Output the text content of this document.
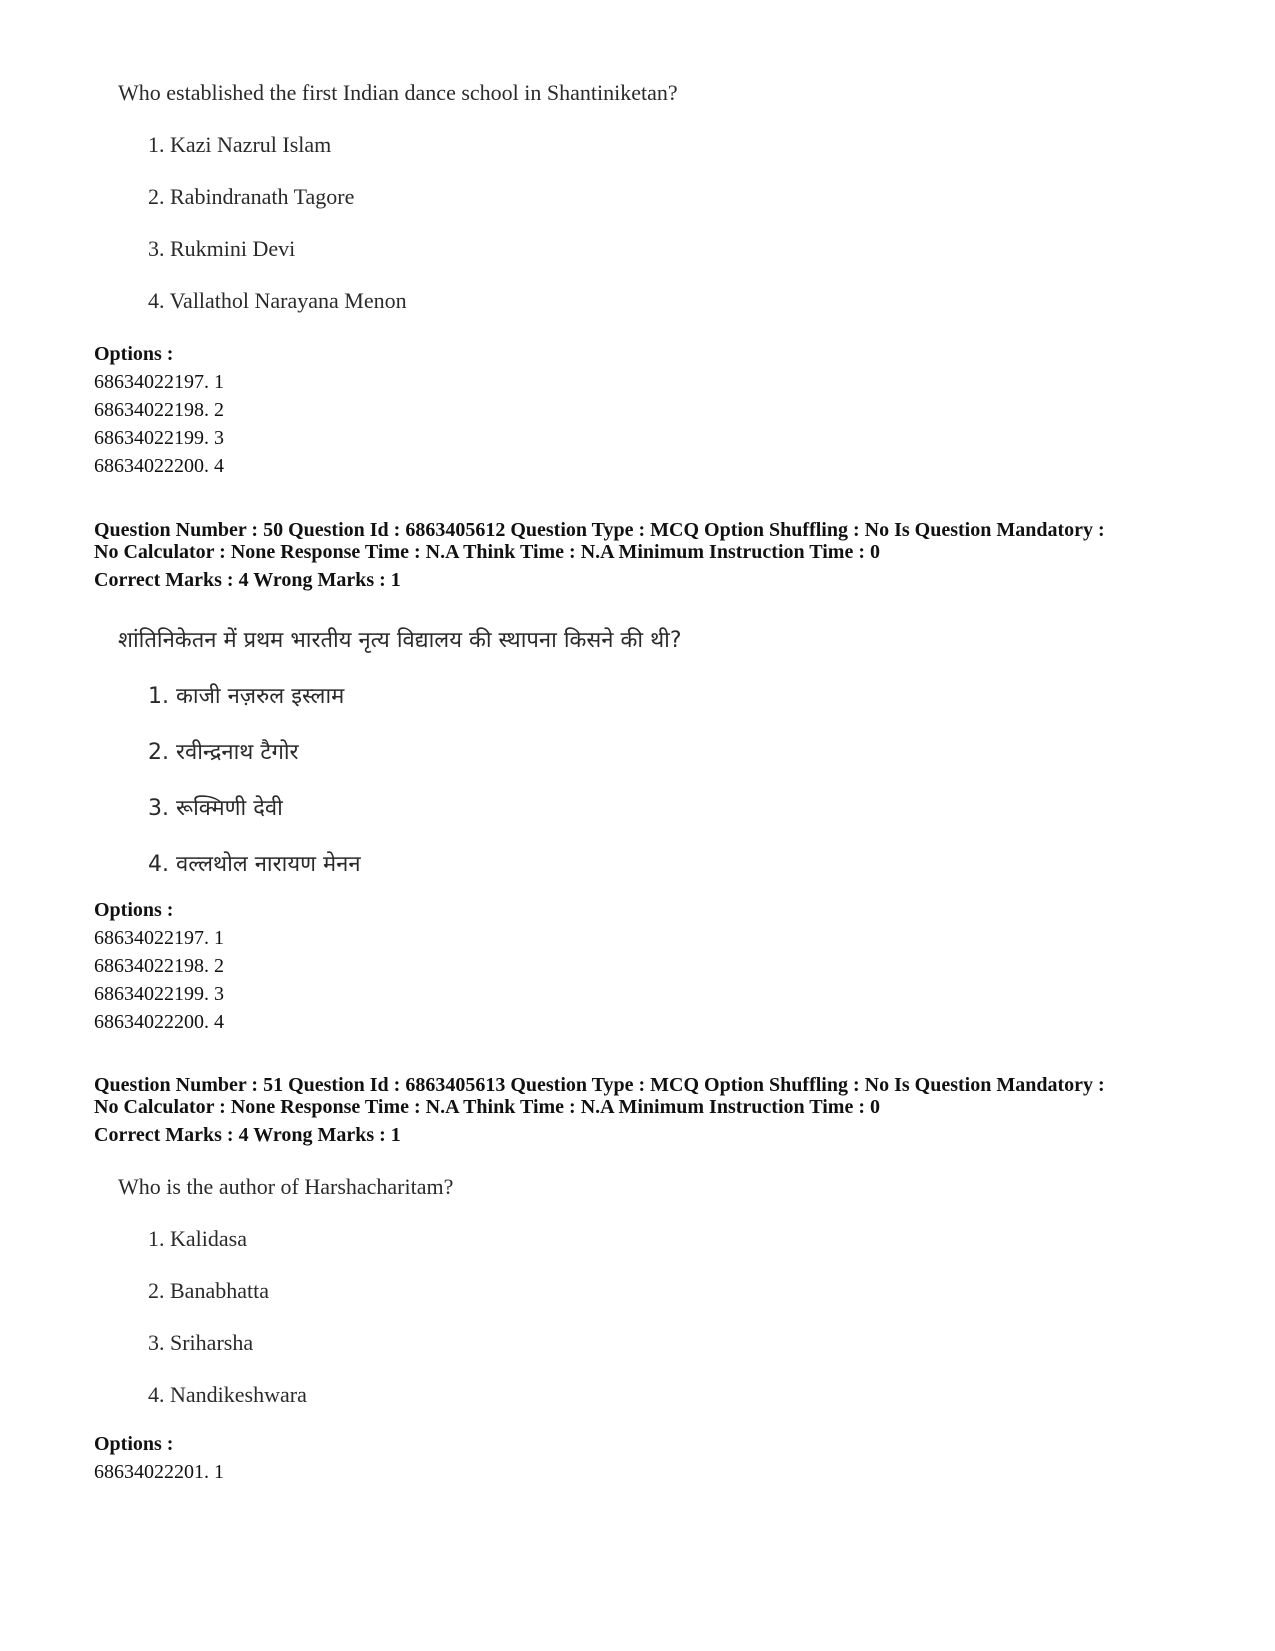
Who established the first Indian dance school in Shantiniketan?
1. Kazi Nazrul Islam
2. Rabindranath Tagore
3. Rukmini Devi
4. Vallathol Narayana Menon
Options :
68634022197. 1
68634022198. 2
68634022199. 3
68634022200. 4
Question Number : 50 Question Id : 6863405612 Question Type : MCQ Option Shuffling : No Is Question Mandatory :
No Calculator : None Response Time : N.A Think Time : N.A Minimum Instruction Time : 0
Correct Marks : 4 Wrong Marks : 1
शांतिनिकेतन में प्रथम भारतीय नृत्य विद्यालय की स्थापना किसने की थी?
1. काजी नज़रुल इस्लाम
2. रवीन्द्रनाथ टैगोर
3. रूक्मिणी देवी
4. वल्लथोल नारायण मेनन
Options :
68634022197. 1
68634022198. 2
68634022199. 3
68634022200. 4
Question Number : 51 Question Id : 6863405613 Question Type : MCQ Option Shuffling : No Is Question Mandatory :
No Calculator : None Response Time : N.A Think Time : N.A Minimum Instruction Time : 0
Correct Marks : 4 Wrong Marks : 1
Who is the author of Harshacharitam?
1. Kalidasa
2. Banabhatta
3. Sriharsha
4. Nandikeshwara
Options :
68634022201. 1
